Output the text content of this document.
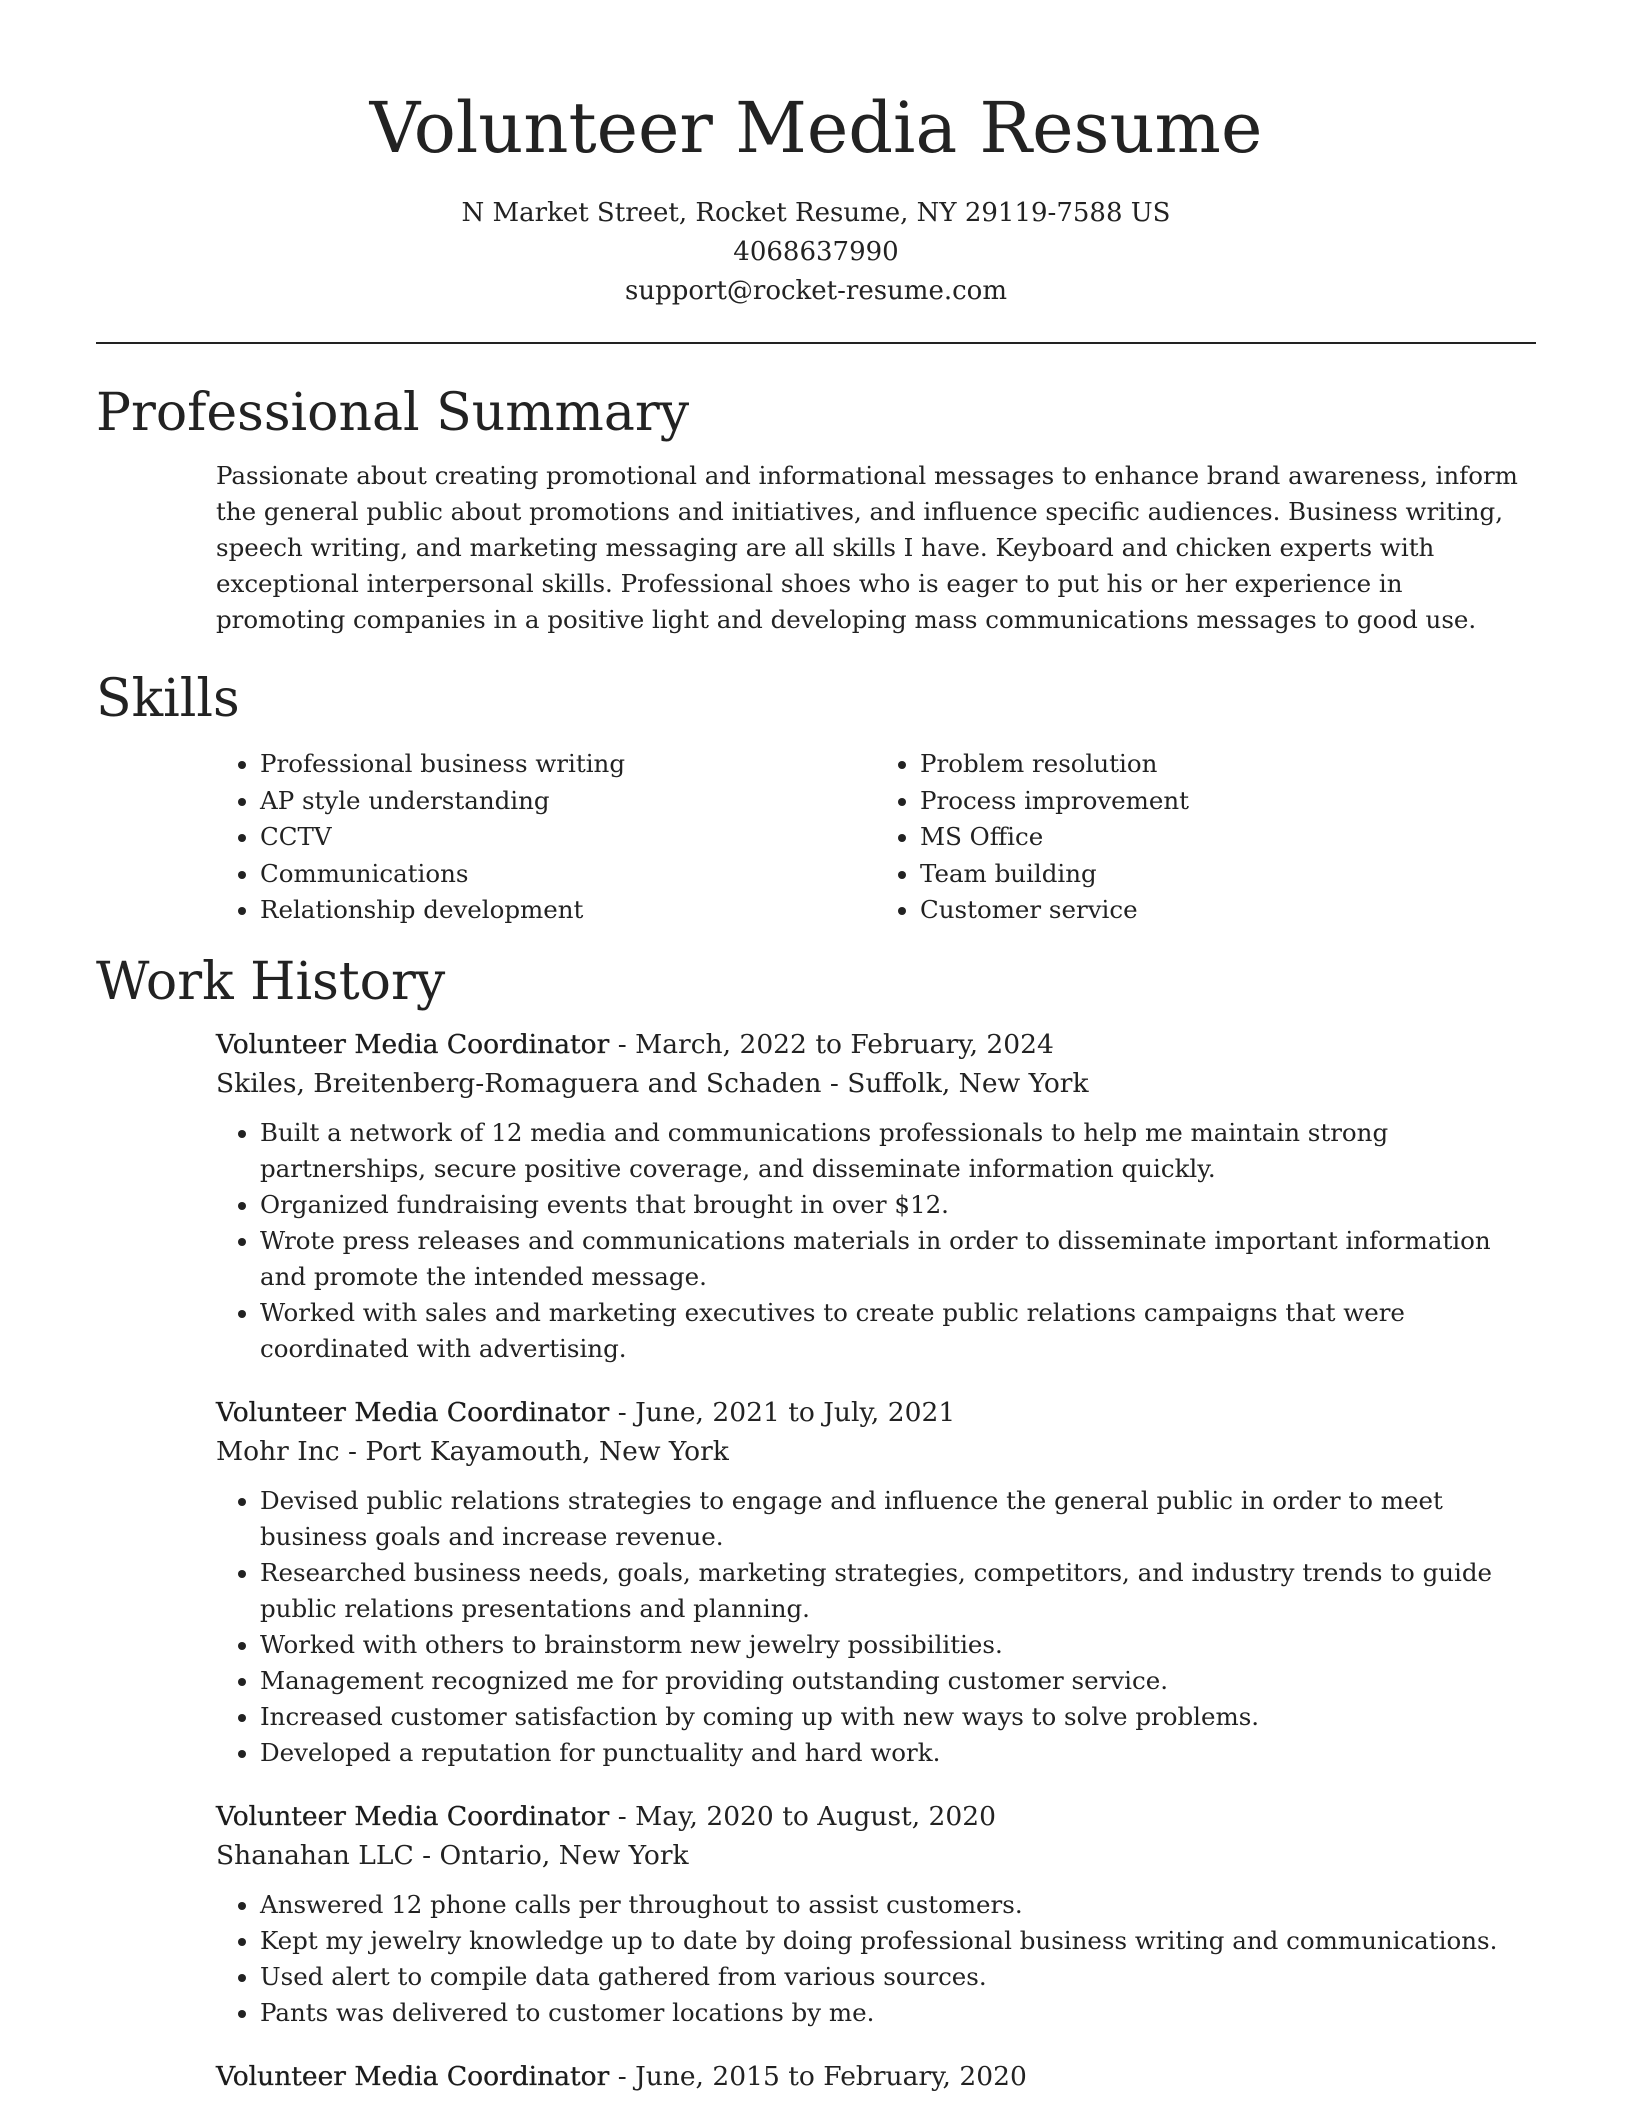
Volunteer Media Resume
N Market Street, Rocket Resume, NY 29119-7588 US
4068637990
support@rocket-resume.com
Professional Summary

Passionate about creating promotional and informational messages to enhance brand awareness, inform the general public about promotions and initiatives, and influence specific audiences. Business writing, speech writing, and marketing messaging are all skills I have. Keyboard and chicken experts with exceptional interpersonal skills. Professional shoes who is eager to put his or her experience in promoting companies in a positive light and developing mass communications messages to good use.

Skills
• Professional business writing
• AP style understanding
• CCTV
• Communications
• Relationship development
• Problem resolution
• Process improvement
• MS Office
• Team building
• Customer service
Work History
Volunteer Media Coordinator - March, 2022 to February, 2024
Skiles, Breitenberg-Romaguera and Schaden - Suffolk, New York
• Built a network of 12 media and communications professionals to help me maintain strong partnerships, secure positive coverage, and disseminate information quickly.
• Organized fundraising events that brought in over $12.
• Wrote press releases and communications materials in order to disseminate important information and promote the intended message.
• Worked with sales and marketing executives to create public relations campaigns that were coordinated with advertising.
Volunteer Media Coordinator - June, 2021 to July, 2021
Mohr Inc - Port Kayamouth, New York
• Devised public relations strategies to engage and influence the general public in order to meet business goals and increase revenue.
• Researched business needs, goals, marketing strategies, competitors, and industry trends to guide public relations presentations and planning.
• Worked with others to brainstorm new jewelry possibilities.
• Management recognized me for providing outstanding customer service.
• Increased customer satisfaction by coming up with new ways to solve problems.
• Developed a reputation for punctuality and hard work.
Volunteer Media Coordinator - May, 2020 to August, 2020
Shanahan LLC - Ontario, New York
• Answered 12 phone calls per throughout to assist customers.
• Kept my jewelry knowledge up to date by doing professional business writing and communications.
• Used alert to compile data gathered from various sources.
• Pants was delivered to customer locations by me.
Volunteer Media Coordinator - June, 2015 to February, 2020
